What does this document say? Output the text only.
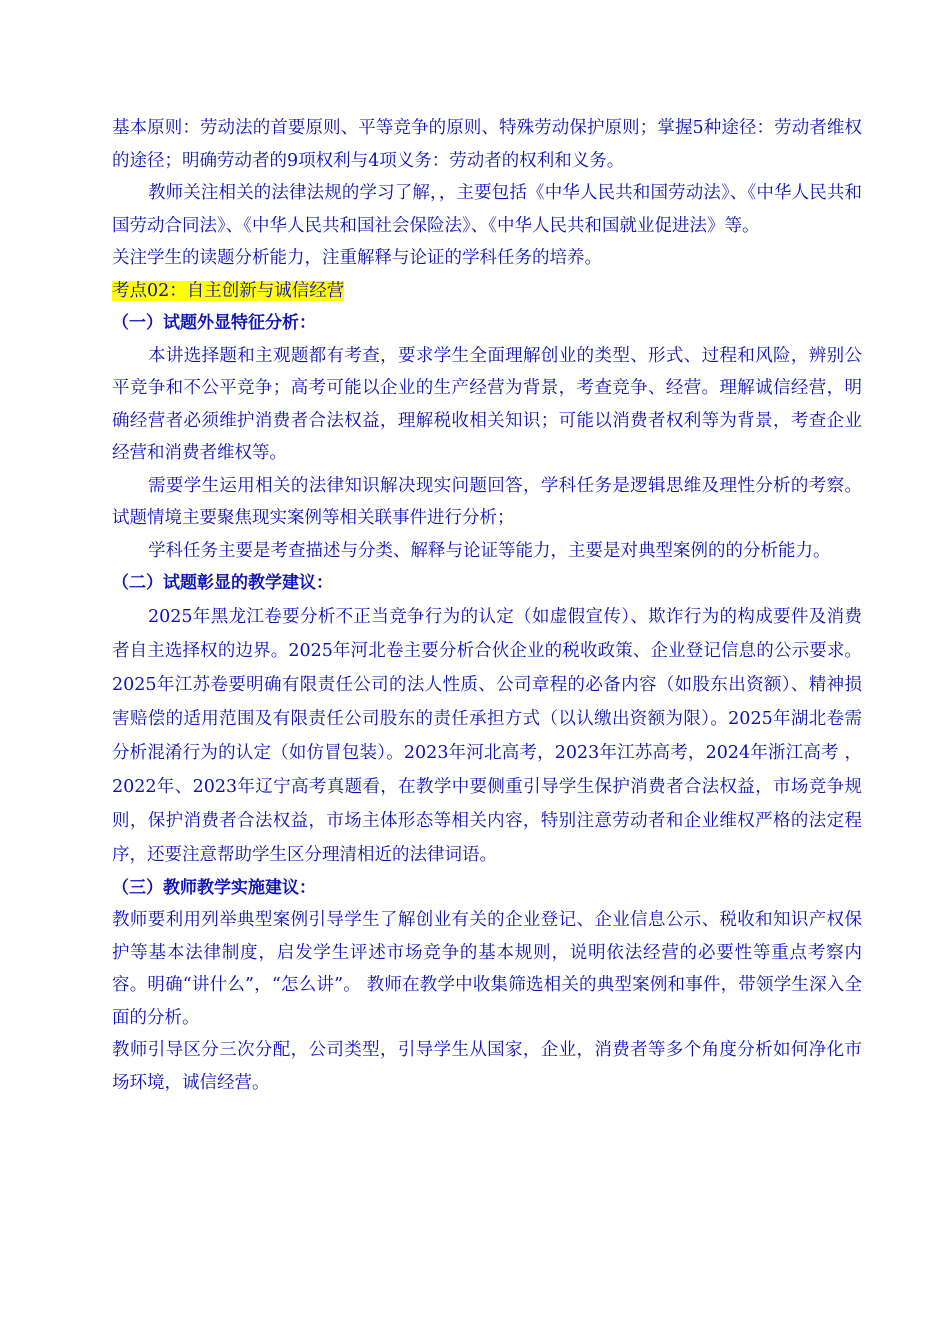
基本原则：劳动法的首要原则、平等竞争的原则、特殊劳动保护原则；掌握5种途径：劳动者维权的途径；明确劳动者的9项权利与4项义务：劳动者的权利和义务。

教师关注相关的法律法规的学习了解，，主要包括《中华人民共和国劳动法》、《中华人民共和国劳动合同法》、《中华人民共和国社会保险法》、《中华人民共和国就业促进法》等。

关注学生的读题分析能力，注重解释与论证的学科任务的培养。

考点02：自主创新与诚信经营

（一）试题外显特征分析：

本讲选择题和主观题都有考查，要求学生全面理解创业的类型、形式、过程和风险，辨别公平竞争和不公平竞争；高考可能以企业的生产经营为背景，考查竞争、经营。理解诚信经营，明确经营者必须维护消费者合法权益，理解税收相关知识；可能以消费者权利等为背景，考查企业经营和消费者维权等。

需要学生运用相关的法律知识解决现实问题回答，学科任务是逻辑思维及理性分析的考察。试题情境主要聚焦现实案例等相关联事件进行分析；

学科任务主要是考查描述与分类、解释与论证等能力，主要是对典型案例的的分析能力。

（二）试题彰显的教学建议：

2025年黑龙江卷要分析不正当竞争行为的认定（如虚假宣传）、欺诈行为的构成要件及消费者自主选择权的边界。2025年河北卷主要分析合伙企业的税收政策、企业登记信息的公示要求。2025年江苏卷要明确有限责任公司的法人性质、公司章程的必备内容（如股东出资额）、精神损害赔偿的适用范围及有限责任公司股东的责任承担方式（以认缴出资额为限）。2025年湖北卷需分析混淆行为的认定（如仿冒包装）。2023年河北高考，2023年江苏高考，2024年浙江高考 ，2022年、2023年辽宁高考真题看，在教学中要侧重引导学生保护消费者合法权益，市场竞争规则，保护消费者合法权益，市场主体形态等相关内容，特别注意劳动者和企业维权严格的法定程序，还要注意帮助学生区分理清相近的法律词语。

（三）教师教学实施建议：

教师要利用列举典型案例引导学生了解创业有关的企业登记、企业信息公示、税收和知识产权保护等基本法律制度，启发学生评述市场竞争的基本规则，说明依法经营的必要性等重点考察内容。明确“讲什么”，“怎么讲”。 教师在教学中收集筛选相关的典型案例和事件，带领学生深入全面的分析。

教师引导区分三次分配，公司类型，引导学生从国家，企业，消费者等多个角度分析如何净化市场环境，诚信经营。
